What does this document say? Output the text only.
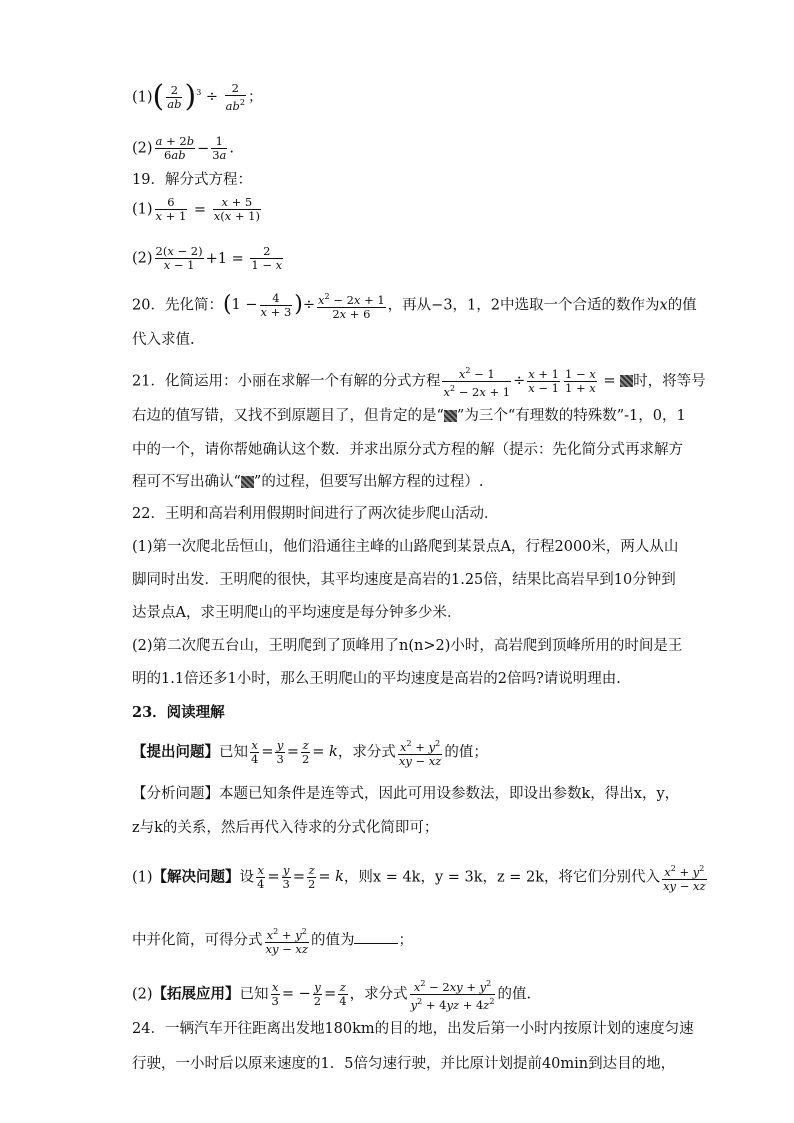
$(1)( \frac{2}{ab} )^3 \div \frac{2}{ab^2}$ ；
$(2) \frac{a + 2b}{6ab} - \frac{1}{3a}$ .
19．解分式方程：
$(1) \frac{6}{x + 1} = \frac{x + 5}{x(x + 1)}$
$(2) \frac{2(x - 2)}{x - 1} +1 = \frac{2}{1 - x}$
20．先化简：($1 - \frac{4}{x + 3}$ )÷ $\frac{x^2 - 2x + 1}{2x + 6}$ ，再从−3，1，2中选取一个合适的数作为x的值
代入求值.
21．化简运用：小丽在求解一个有解的分式方程 $\frac{x^2 - 1}{x^2 - 2x + 1} \div \frac{x + 1}{x - 1} \frac{1 - x}{1 + x}$ = 时，将等号
右边的值写错，又找不到原题目了，但肯定的是“ ”为三个“有理数的特殊数”-1，0，1
中的一个，请你帮她确认这个数．并求出原分式方程的解（提示：先化简分式再求解方
程可不写出确认“ ”的过程，但要写出解方程的过程）.
22．王明和高岩利用假期时间进行了两次徒步爬山活动．
(1)第一次爬北岳恒山，他们沿通往主峰的山路爬到某景点A，行程2000米，两人从山
脚同时出发．王明爬的很快，其平均速度是高岩的1.25倍，结果比高岩早到10分钟到
达景点A，求王明爬山的平均速度是每分钟多少米．
(2)第二次爬五台山，王明爬到了顶峰用了n(n>2)小时，高岩爬到顶峰所用的时间是王
明的1.1倍还多1小时，那么王明爬山的平均速度是高岩的2倍吗?请说明理由.
23．阅读理解
【提出问题】已知 $\frac{x}{4} = \frac{y}{3} = \frac{z}{2} = k$，求分式 $\frac{x^2 + y^2}{xy - xz}$ 的值；
【分析问题】本题已知条件是连等式，因此可用设参数法，即设出参数k，得出x，y，
z与k的关系，然后再代入待求的分式化简即可；
(1)【解决问题】设 $\frac{x}{4} = \frac{y}{3} = \frac{z}{2} = k$，则x = 4k，y = 3k，z = 2k，将它们分别代入 $\frac{x^2 + y^2}{xy - xz}$
中并化简，可得分式 $\frac{x^2 + y^2}{xy - xz}$ 的值为	；
(2)【拓展应用】已知 $\frac{x}{3}$ = − $\frac{y}{2} = \frac{z}{4}$ ，求分式 $\frac{x^2 - 2xy + y^2}{y^2 + 4yz + 4z^2}$ 的值.
24．一辆汽车开往距离出发地180km的目的地，出发后第一小时内按原计划的速度匀速
行驶，一小时后以原来速度的1．5倍匀速行驶，并比原计划提前40min到达目的地，
